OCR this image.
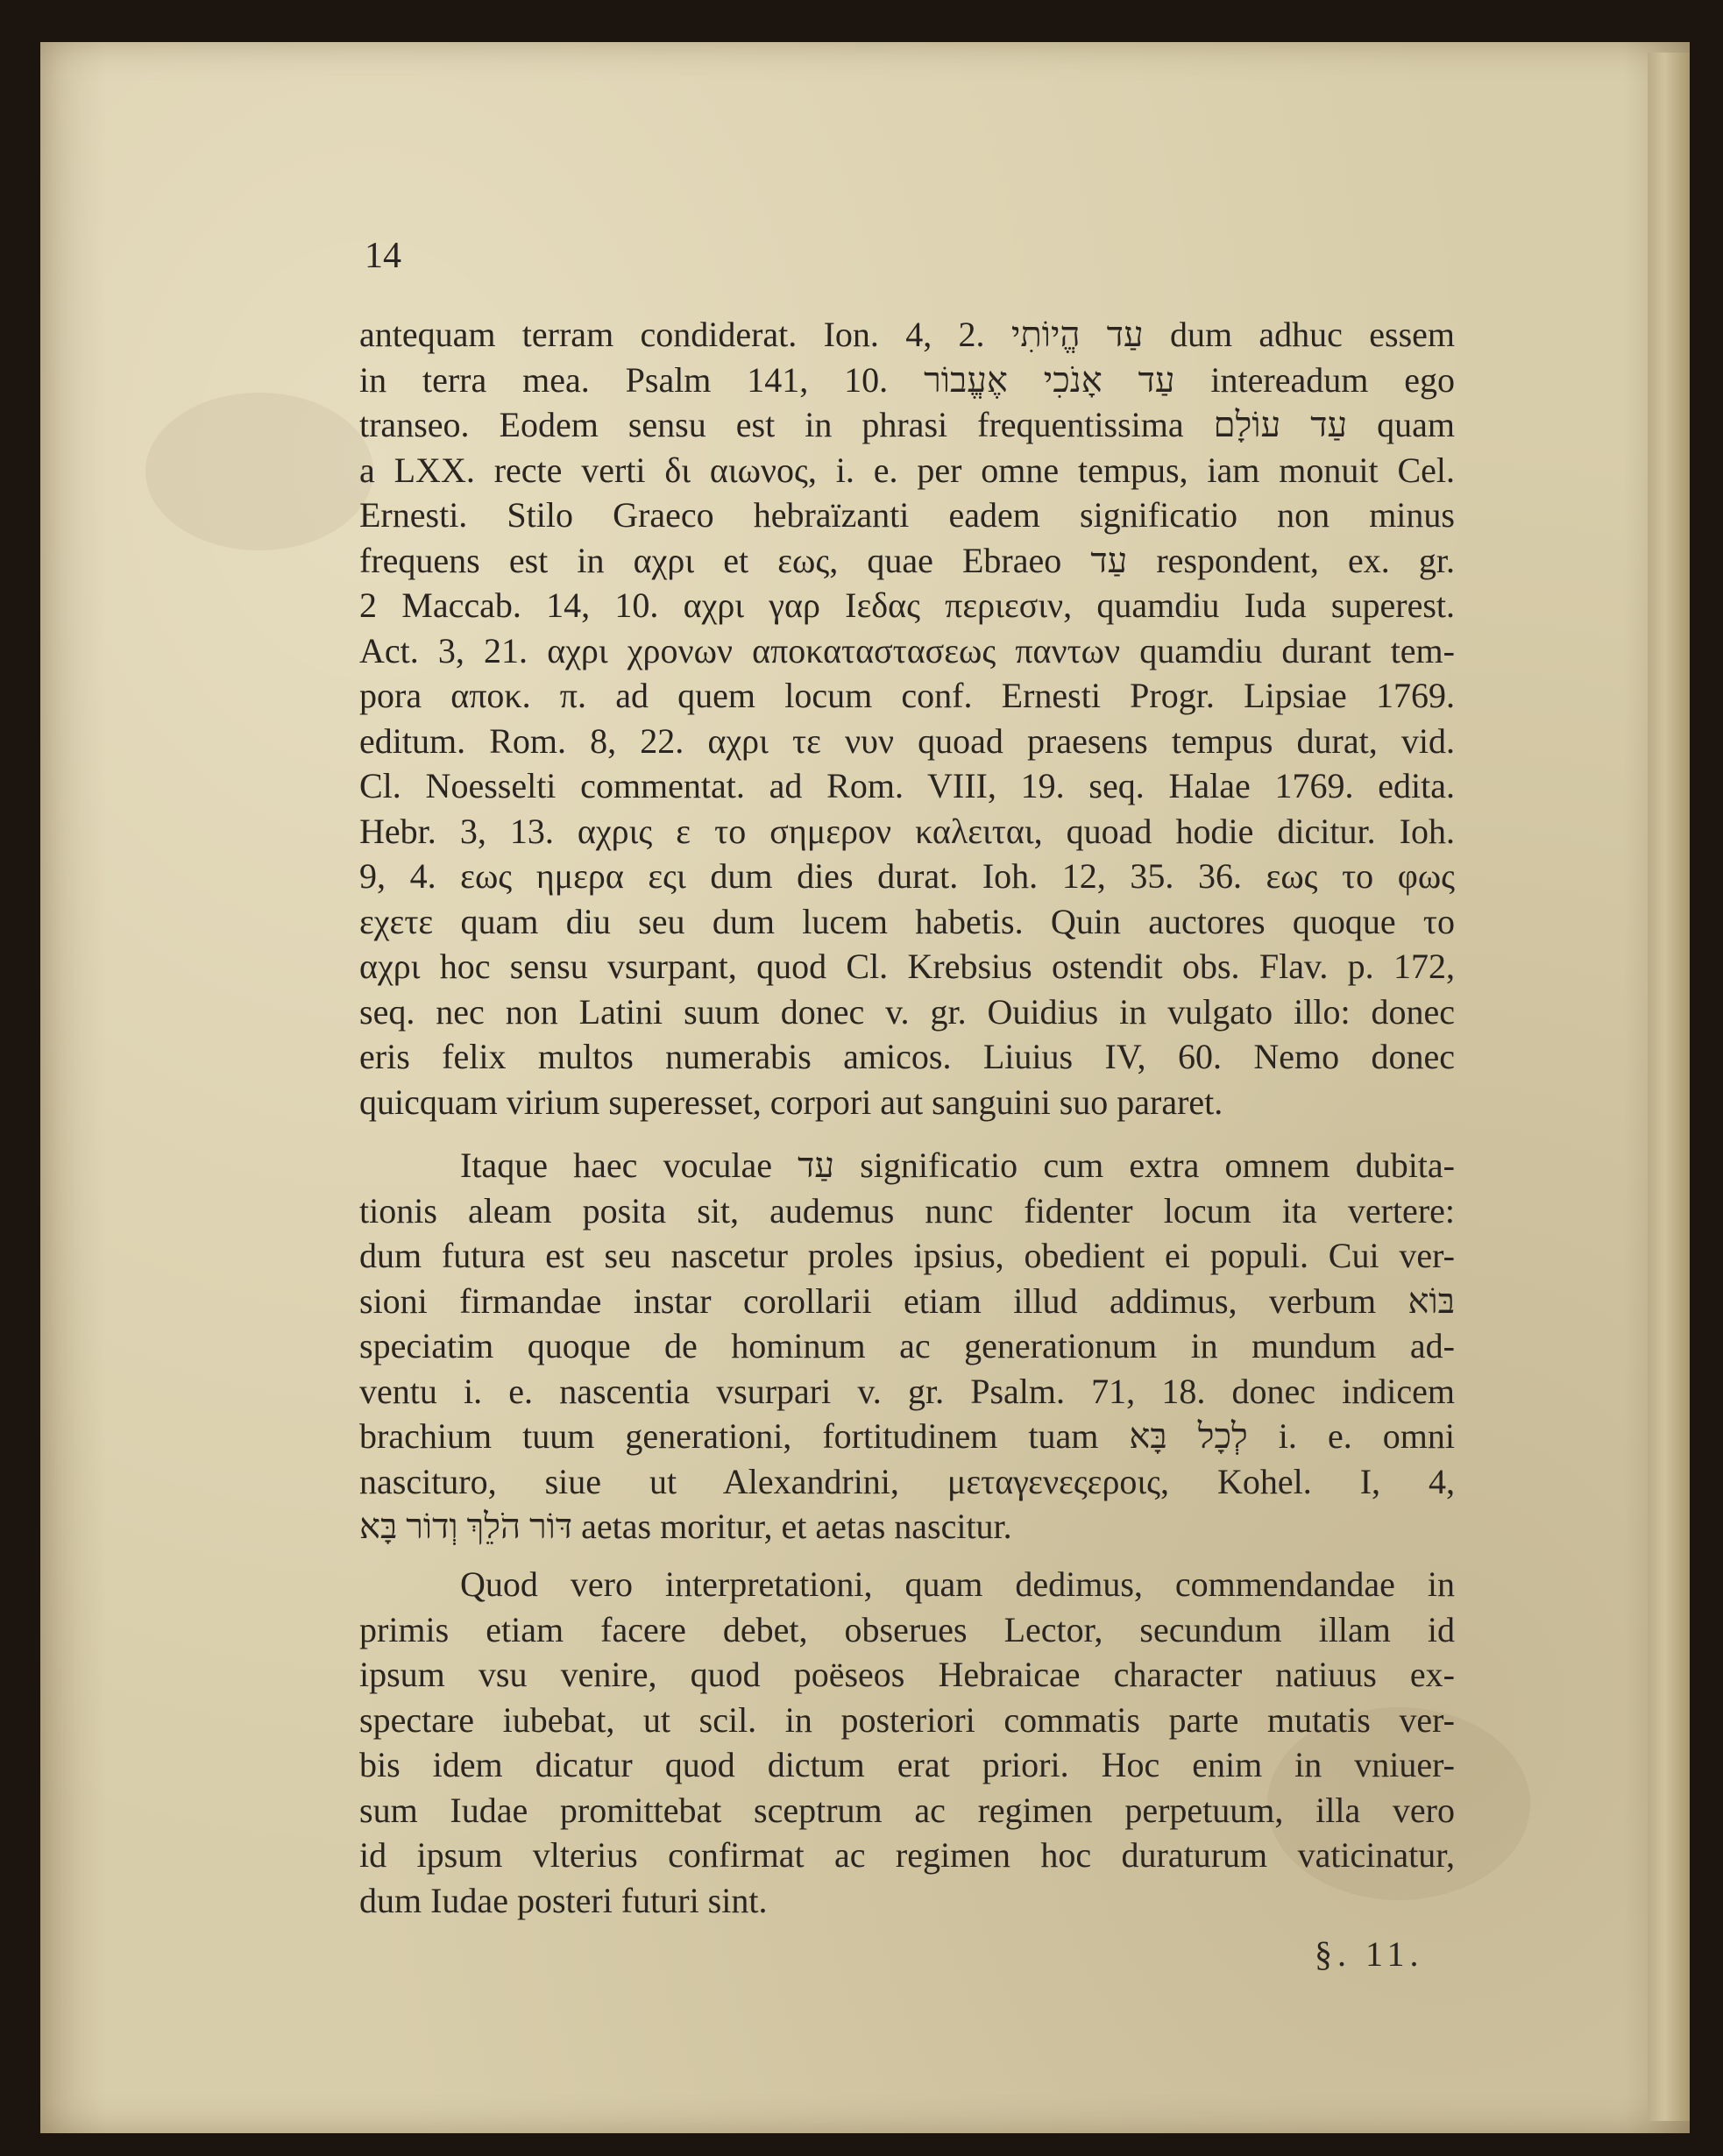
14
antequam terram condiderat. Ion. 4, 2. עַד הֱיוֹתִי dum adhuc essem
in terra mea. Psalm 141, 10. עַד אָנֹכִי אֶעֱבוֹר intereadum ego
transeo. Eodem sensu est in phrasi frequentissima עַד עוֹלָם quam
a LXX. recte verti δι αιωνος, i. e. per omne tempus, iam monuit Cel.
Ernesti. Stilo Graeco hebraïzanti eadem significatio non minus
frequens est in αχρι et εως, quae Ebraeo עַד respondent, ex. gr.
2 Maccab. 14, 10. αχρι γαρ Ιεδας περιεσιν, quamdiu Iuda superest.
Act. 3, 21. αχρι χρονων αποκαταστασεως παντων quamdiu durant tem-
pora αποκ. π. ad quem locum conf. Ernesti Progr. Lipsiae 1769.
editum. Rom. 8, 22. αχρι τε νυν quoad praesens tempus durat, vid.
Cl. Noesselti commentat. ad Rom. VIII, 19. seq. Halae 1769. edita.
Hebr. 3, 13. αχρις ε το σημερον καλειται, quoad hodie dicitur. Ioh.
9, 4. εως ημερα εςι dum dies durat. Ioh. 12, 35. 36. εως το φως
εχετε quam diu seu dum lucem habetis. Quin auctores quoque το
αχρι hoc sensu vsurpant, quod Cl. Krebsius ostendit obs. Flav. p. 172,
seq. nec non Latini suum donec v. gr. Ouidius in vulgato illo: donec
eris felix multos numerabis amicos. Liuius IV, 60. Nemo donec
quicquam virium superesset, corpori aut sanguini suo pararet.
Itaque haec voculae עַד significatio cum extra omnem dubita-
tionis aleam posita sit, audemus nunc fidenter locum ita vertere:
dum futura est seu nascetur proles ipsius, obedient ei populi. Cui ver-
sioni firmandae instar corollarii etiam illud addimus, verbum בּוֹא
speciatim quoque de hominum ac generationum in mundum ad-
ventu i. e. nascentia vsurpari v. gr. Psalm. 71, 18. donec indicem
brachium tuum generationi, fortitudinem tuam לְכָל בָּא i. e. omni
nasciturо, siue ut Alexandrini, μεταγενεςεροις, Kohel. I, 4,
דּוֹר הֹלֵךְ וְדוֹר בָּא aetas moritur, et aetas nascitur.
Quod vero interpretationi, quam dedimus, commendandae in
primis etiam facere debet, obserues Lector, secundum illam id
ipsum vsu venire, quod poëseos Hebraicae character natiuus ex-
spectare iubebat, ut scil. in posteriori commatis parte mutatis ver-
bis idem dicatur quod dictum erat priori. Hoc enim in vniuer-
sum Iudae promittebat sceptrum ac regimen perpetuum, illa vero
id ipsum vlterius confirmat ac regimen hoc duraturum vaticinatur,
dum Iudae posteri futuri sint.
§. 11.
